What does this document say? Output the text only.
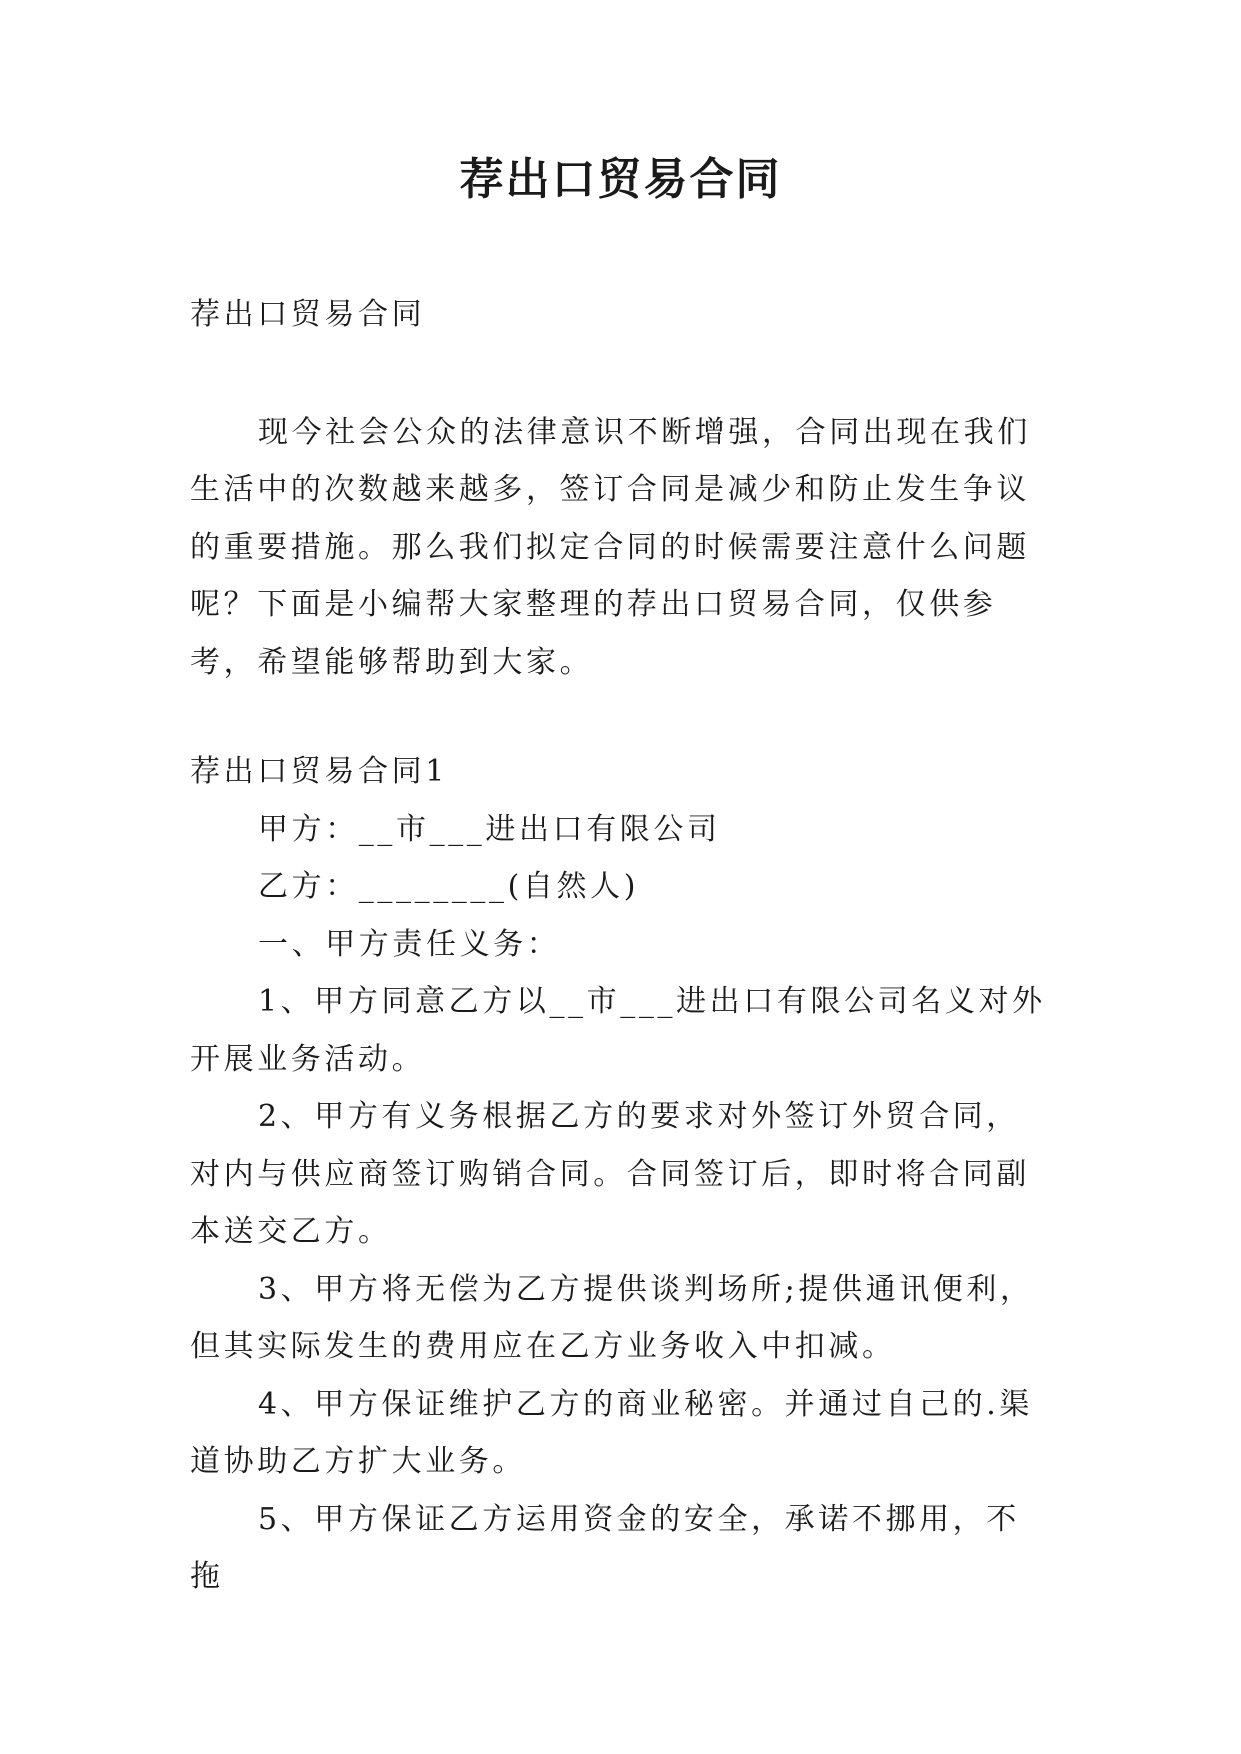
荐出口贸易合同

荐出口贸易合同

现今社会公众的法律意识不断增强，合同出现在我们生活中的次数越来越多，签订合同是减少和防止发生争议的重要措施。那么我们拟定合同的时候需要注意什么问题呢？下面是小编帮大家整理的荐出口贸易合同，仅供参考，希望能够帮助到大家。

荐出口贸易合同1

甲方：__市___进出口有限公司

乙方：________(自然人)

一、甲方责任义务：

1、甲方同意乙方以__市___进出口有限公司名义对外开展业务活动。

2、甲方有义务根据乙方的要求对外签订外贸合同，对内与供应商签订购销合同。合同签订后，即时将合同副本送交乙方。

3、甲方将无偿为乙方提供谈判场所;提供通讯便利，但其实际发生的费用应在乙方业务收入中扣减。

4、甲方保证维护乙方的商业秘密。并通过自己的.渠道协助乙方扩大业务。

5、甲方保证乙方运用资金的安全，承诺不挪用，不拖
